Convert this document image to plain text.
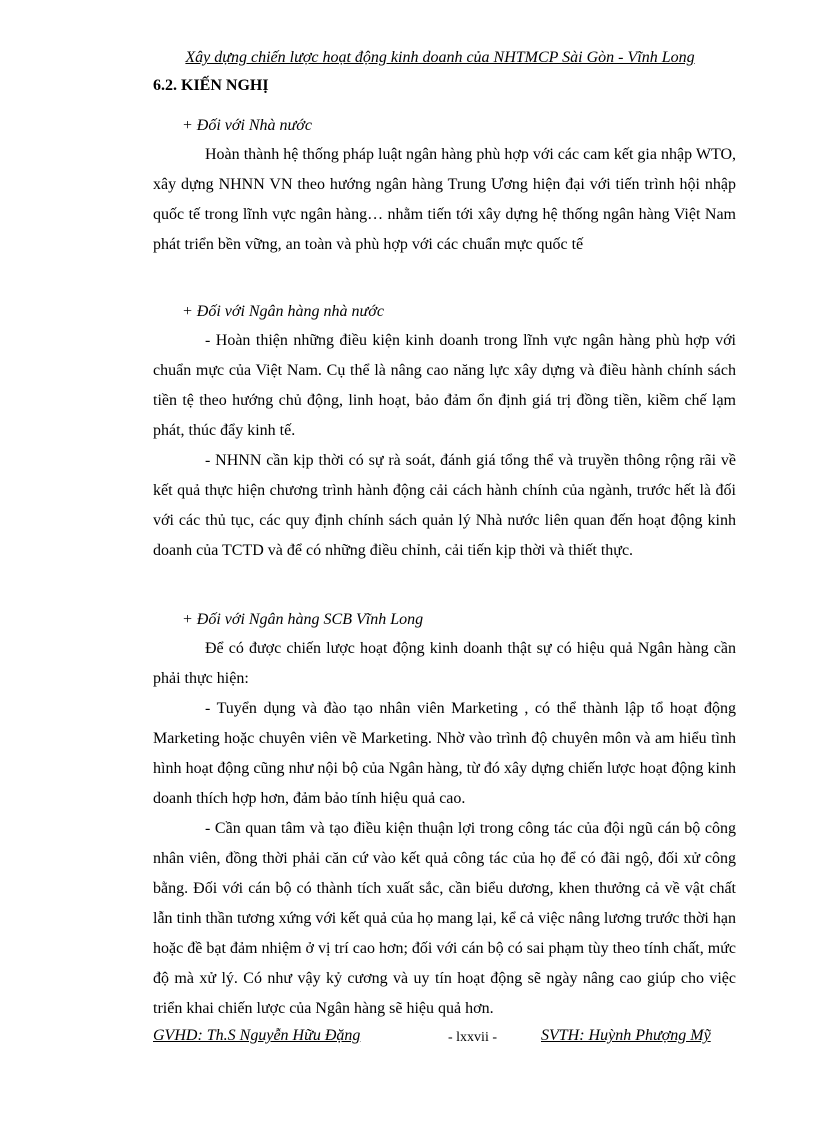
Xây dựng chiến lược hoạt động kinh doanh của NHTMCP Sài Gòn - Vĩnh Long
6.2. KIẾN NGHỊ
+ Đối với Nhà nước

Hoàn thành hệ thống pháp luật ngân hàng phù hợp với các cam kết gia nhập WTO, xây dựng NHNN VN theo hướng ngân hàng Trung Ương hiện đại với tiến trình hội nhập quốc tế trong lĩnh vực ngân hàng… nhằm tiến tới xây dựng hệ thống ngân hàng Việt Nam phát triển bền vững, an toàn và phù hợp với các chuẩn mực quốc tế

+ Đối với Ngân hàng nhà nước

- Hoàn thiện những điều kiện kinh doanh trong lĩnh vực ngân hàng phù hợp với chuẩn mực của Việt Nam. Cụ thể là nâng cao năng lực xây dựng và điều hành chính sách tiền tệ theo hướng chủ động, linh hoạt, bảo đảm ổn định giá trị đồng tiền, kiềm chế lạm phát, thúc đẩy kinh tế.

- NHNN cần kịp thời có sự rà soát, đánh giá tổng thể và truyền thông rộng rãi về kết quả thực hiện chương trình hành động cải cách hành chính của ngành, trước hết là đối với các thủ tục, các quy định chính sách quản lý Nhà nước liên quan đến hoạt động kinh doanh của TCTD và để có những điều chỉnh, cải tiến kịp thời và thiết thực.

+ Đối với Ngân hàng SCB Vĩnh Long

Để có được chiến lược hoạt động kinh doanh thật sự có hiệu quả Ngân hàng cần phải thực hiện:

- Tuyển dụng và đào tạo nhân viên Marketing , có thể thành lập tổ hoạt động Marketing hoặc chuyên viên về Marketing. Nhờ vào trình độ chuyên môn và am hiểu tình hình hoạt động cũng như nội bộ của Ngân hàng, từ đó xây dựng chiến lược hoạt động kinh doanh thích hợp hơn, đảm bảo tính hiệu quả cao.

- Cần quan tâm và tạo điều kiện thuận lợi trong công tác của đội ngũ cán bộ công nhân viên, đồng thời phải căn cứ vào kết quả công tác của họ để có đãi ngộ, đối xử công bằng. Đối với cán bộ có thành tích xuất sắc, cần biểu dương, khen thưởng cả về vật chất lẫn tinh thần tương xứng với kết quả của họ mang lại, kể cả việc nâng lương trước thời hạn hoặc đề bạt đảm nhiệm ở vị trí cao hơn; đối với cán bộ có sai phạm tùy theo tính chất, mức độ mà xử lý. Có như vậy kỷ cương và uy tín hoạt động sẽ ngày nâng cao giúp cho việc triển khai chiến lược của Ngân hàng sẽ hiệu quả hơn.

GVHD: Th.S Nguyễn Hữu Đặng	- lxxvii -	SVTH: Huỳnh Phượng Mỹ
